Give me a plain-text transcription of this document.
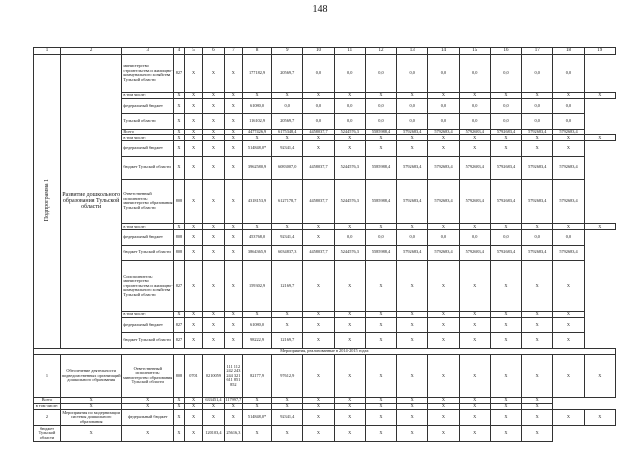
148
1	2	3	4	5	6	7	8	9	10	11	12	13	14	15	16	17	18	19
Подпрограмма 1	Развитие дошкольного образования Тульской области	министерство строительства и жилищно-коммунального хозяйства Тульской области	827	X	X	X	177182,9	20569,7	0,0	0,0	0,0	0,0	0,0	0,0	0,0	0,0	0,0	
		в том числе:	X	X	X	X	X	X	X	X	X	X	X	X	X	X	X	X
		федеральный бюджет	X	X	X	X	61080,0	0,0	0,0	0,0	0,0	0,0	0,0	0,0	0,0	0,0	0,0	
		Тульской области	X	X	X	X	116102,9	20569,7	0,0	0,0	0,0	0,0	0,0	0,0	0,0	0,0	0,0	
		Всего	X	X	X	X	4477426,9	6175348,4	4458037,7	5244576,3	5585988,4	5792683,4	5792683,4	5792683,4	5792683,4	5792683,4	5792683,4	
		в том числе:	X	X	X	X	X	X	X	X	X	X	X	X	X	X	X	X
		федеральный бюджет	X	X	X	X	514848,0*	92341,4	X	X	X	X	X	X	X	X	X	
		бюджет Тульской области	X	X	X	X	3962580,9	6083007,0	4458037,7	5244576,3	5585988,4	5792683,4	5792683,4	5792683,4	5792683,4	5792683,4	5792683,4	
		Ответственный исполнитель: министерство образования Тульской области	808	X	X	X	4318153,9	6127178,7	4458037,7	5244576,3	5585988,4	5792683,4	5792683,4	5792683,4	5792683,4	5792683,4	5792683,4	
		в том числе:	X	X	X	X	X	X	X	X	X	X	X	X	X	X	X	X
		федеральный бюджет	808	X	X	X	453768,0	92341,4	X	0,0	0,0	0,0	0,0	0,0	0,0	0,0	0,0	
		бюджет Тульской области	808	X	X	X	3864365,9	6034837,3	4458037,7	5244576,3	5585988,4	5792683,4	5792683,4	5792683,4	5792683,4	5792683,4	5792683,4	
		Соисполнитель: министерство строительства и жилищно-коммунального хозяйства Тульской области	827	X	X	X	159302,9	12169,7	X	X	X	X	X	X	X	X	X	
		в том числе:	X	X	X	X	X	X	X	X	X	X	X	X	X	X	X	
		федеральный бюджет	827	X	X	X	61080,0	X	X	X	X	X	X	X	X	X	X	
		бюджет Тульской области	827	X	X	X	98222,9	12169,7	X	X	X	X	X	X	X	X	X	
Мероприятия, реализованные в 2014-2015 годах																		
1	Обеспечение деятельности подведомственных организаций дошкольного образования	Ответственный исполнитель: министерство образования Тульской области	808	0701	0210059	111 112 242 243 244 321 611 851 852	82177,9	97612,9	X	X	X	X	X	X	X	X	X	X
Всего	X	X	X	X	633451,4	117997,7	X	X	X	X	X	X	X	X	X	X		
в том числе:	X	X	X	X	X	X	X	X	X	X	X	X	X	X	X	X		
2	Мероприятия по модернизации системы дошкольного образования	федеральный бюджет	X	X	X	X	514848,0*	92341,4	X	X	X	X	X	X	X	X	X	X
бюджет Тульской области	X	X	X	X	120103,4	25616,3	X	X	X	X	X	X	X	X	X	X		
